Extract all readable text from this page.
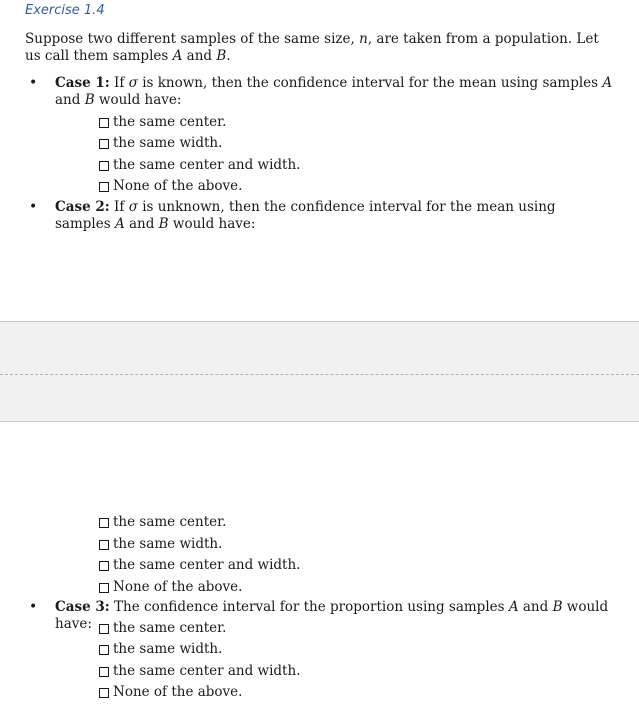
Exercise 1.4
Suppose two different samples of the same size, n, are taken from a population. Let us call them samples A and B.
• Case 1: If σ is known, then the confidence interval for the mean using samples A and B would have:
the same center.
the same width.
the same center and width.
None of the above.
• Case 2: If σ is unknown, then the confidence interval for the mean using samples A and B would have:
the same center.
the same width.
the same center and width.
None of the above.
• Case 3: The confidence interval for the proportion using samples A and B would have:	the same center.
the same width.
the same center and width.
None of the above.
